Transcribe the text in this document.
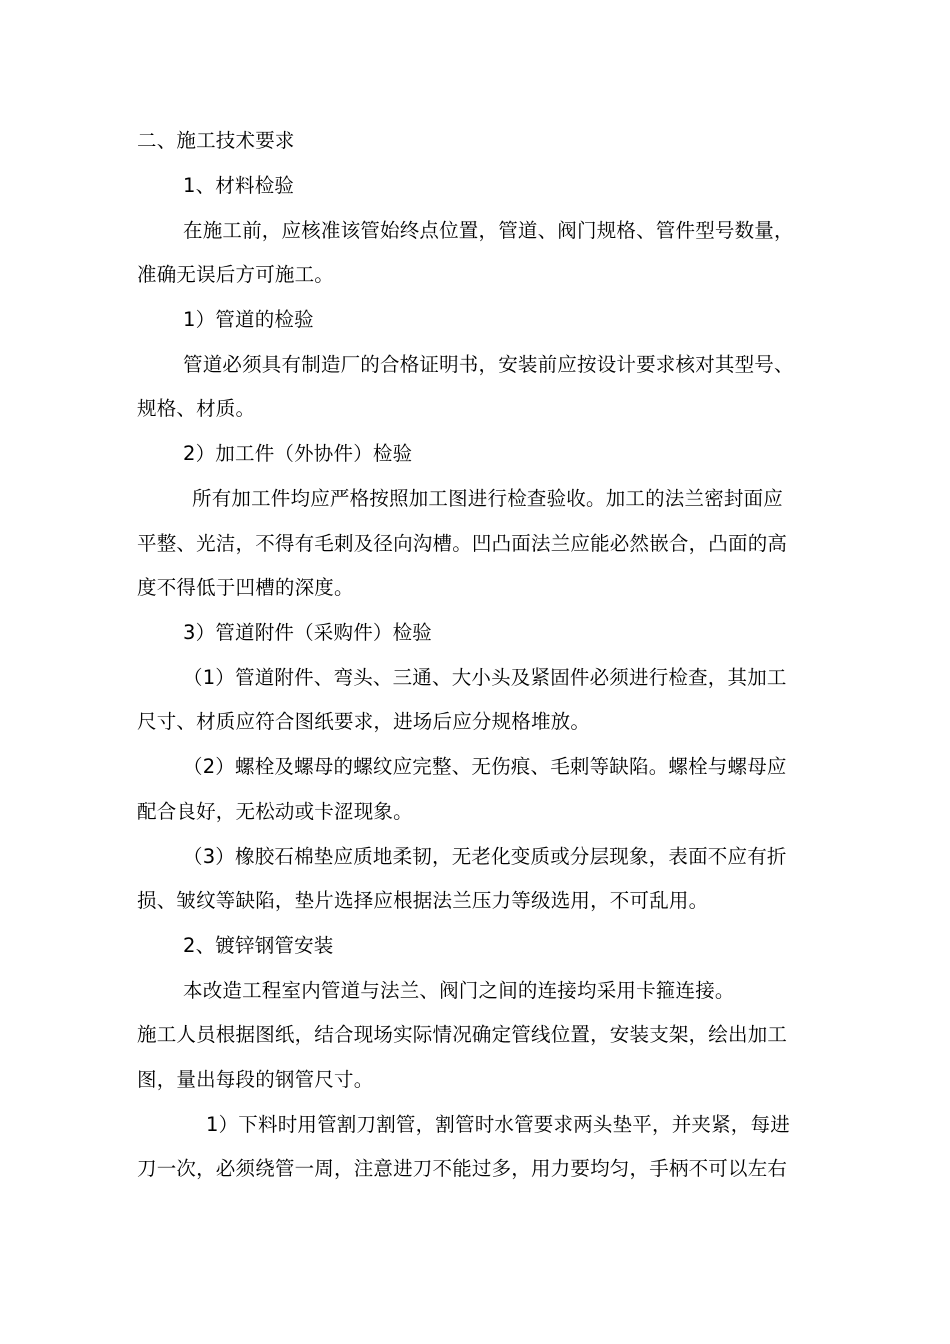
二、施工技术要求
1、材料检验
在施工前，应核准该管始终点位置，管道、阀门规格、管件型号数量，
准确无误后方可施工。
1）管道的检验
管道必须具有制造厂的合格证明书，安装前应按设计要求核对其型号、
规格、材质。
2）加工件（外协件）检验
所有加工件均应严格按照加工图进行检查验收。加工的法兰密封面应
平整、光洁，不得有毛刺及径向沟槽。凹凸面法兰应能必然嵌合，凸面的高
度不得低于凹槽的深度。
3）管道附件（采购件）检验
（1）管道附件、弯头、三通、大小头及紧固件必须进行检查，其加工
尺寸、材质应符合图纸要求，进场后应分规格堆放。
（2）螺栓及螺母的螺纹应完整、无伤痕、毛刺等缺陷。螺栓与螺母应
配合良好，无松动或卡涩现象。
（3）橡胶石棉垫应质地柔韧，无老化变质或分层现象，表面不应有折
损、皱纹等缺陷，垫片选择应根据法兰压力等级选用，不可乱用。
2、镀锌钢管安装
本改造工程室内管道与法兰、阀门之间的连接均采用卡箍连接。
施工人员根据图纸，结合现场实际情况确定管线位置，安装支架，绘出加工
图，量出每段的钢管尺寸。
1）下料时用管割刀割管，割管时水管要求两头垫平，并夹紧，每进
刀一次，必须绕管一周，注意进刀不能过多，用力要均匀，手柄不可以左右
